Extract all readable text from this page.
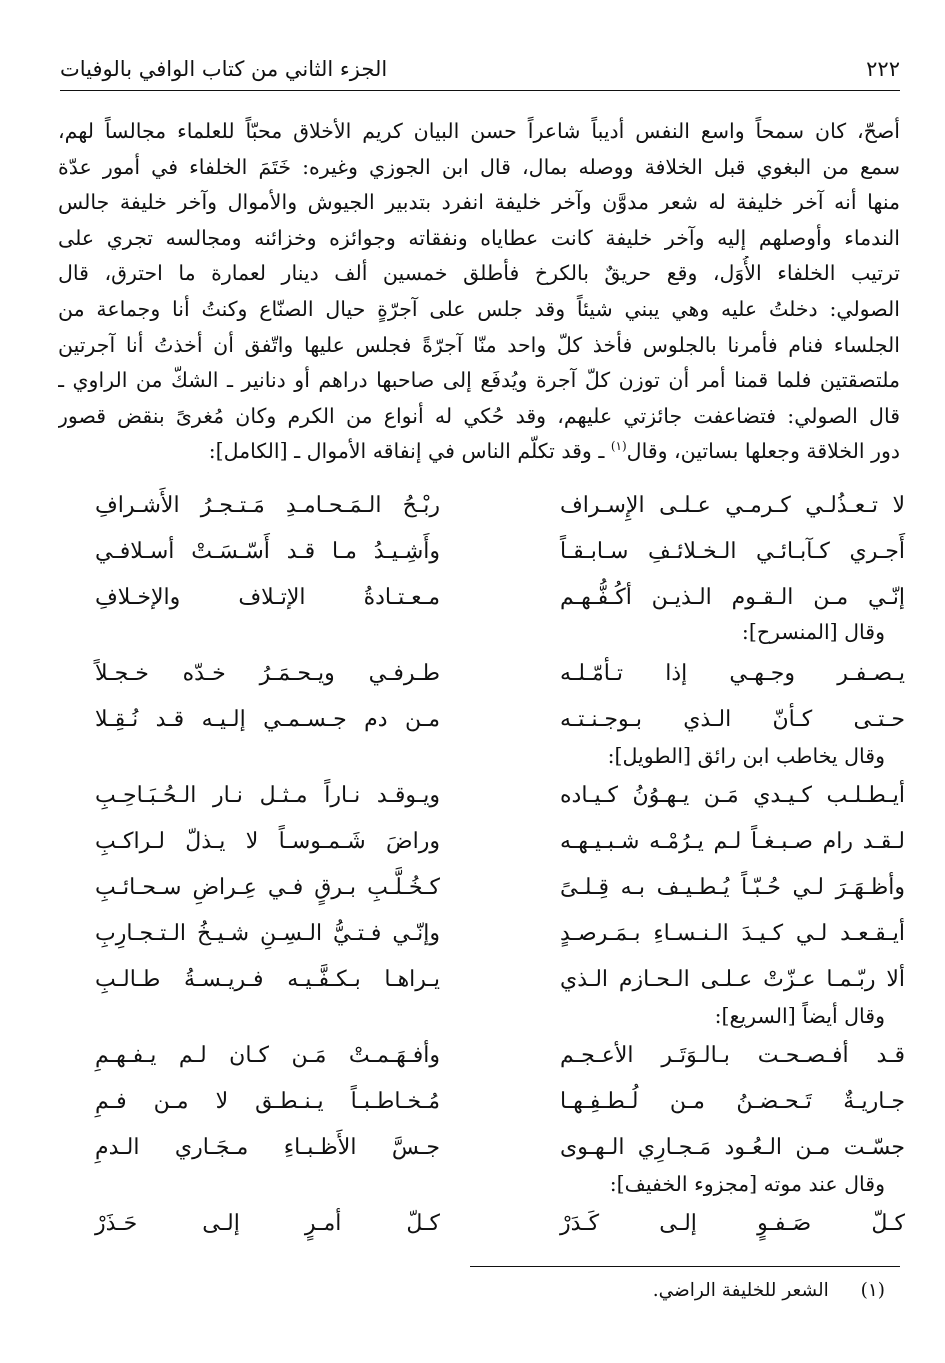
٢٢٢
الجزء الثاني من كتاب الوافي بالوفيات
أصحّ، كان سمحاً واسع النفس أديباً شاعراً حسن البيان كريم الأخلاق محبّاً للعلماء مجالساً لهم،
سمع من البغوي قبل الخلافة ووصله بمال، قال ابن الجوزي وغيره: خَتَمَ الخلفاء في أمور عدّة
منها أنه آخر خليفة له شعر مدوَّن وآخر خليفة انفرد بتدبير الجيوش والأموال وآخر خليفة جالس
الندماء وأوصلهم إليه وآخر خليفة كانت عطاياه ونفقاته وجوائزه وخزائنه ومجالسه تجري على
ترتيب الخلفاء الأُوَل، وقع حريقٌ بالكرخ فأطلق خمسين ألف دينار لعمارة ما احترق، قال
الصولي: دخلتُ عليه وهي يبني شيئاً وقد جلس على آجرّةٍ حيال الصنّاع وكنتُ أنا وجماعة من
الجلساء فنام فأمرنا بالجلوس فأخذ كلّ واحد منّا آجرّةً فجلس عليها واتّفق أن أخذتُ أنا آجرتين
ملتصقتين فلما قمنا أمر أن توزن كلّ آجرة ويُدفَع إلى صاحبها دراهم أو دنانير ـ الشكّ من الراوي ـ
قال الصولي: فتضاعفت جائزتي عليهم، وقد حُكي له أنواع من الكرم وكان مُغرىً بنقض قصور
دور الخلاقة وجعلها بساتين، وقال$^{(١)}$ ـ وقد تكلّم الناس في إنفاقه الأموال ـ [الكامل]:
لا تـعـذُلـي كـرمـي عـلـى الإِسـراف
ربْـحُ الـمَـحـامـدِ مَـتـجـرُ الأَشـرافِ
أَجـري كـآبـائـي الـخـلائـفِ سـابـقـاً
وأَشِـيـدُ مـا قـد أَسّـسَـتْ أسـلافـي
إنّـي مـن الـقـوم الـذيـن أكُـفُّـهـم
مـعـتـادةُ الإتـلاف والإخـلافِ
وقال [المنسرح]:
يـصـفـر وجـهـي إذا تـأمّـلـه
طـرفـي ويـحـمَـرُ خـدّه خـجـلاً
حـتـى كـأنّ الـذي بـوجـنـتـه
مـن دم جـسـمـي إلـيـه قـد نُـقِـلا
وقال يخاطب ابن رائق [الطويل]:
أيـطـلـب كـيـدي مَـن يـهـوُنُ كـيـاده
ويـوقـد نـاراً مـثـل نـار الـحُـبَـاحِـبِ
لـقـد رام صـبـغـاً لـم يـرُمْـه شـبـيـهـه
وراضَ شَـمـوسـاً لا يـذلّ لـراكـبِ
وأظـهَـرَ لـي حُـبّـاً يُـطـيـف بـه قِـلـىً
كـخُـلَّـبِ بـرقٍ فـي عِـراضِ سـحـائـبِ
أيـقـعـد لـي كـيـدَ الـنـسـاءِ بـمَـرصـدٍ
وإنّـي فـتـيُّ الـسِـنِ شـيـخُ الـتـجـارِبِ
ألا ربّـمـا عـزّتْ عـلـى الـحـازم الـذي
يـراهـا بـكـفَّـيـه فـريـسـةُ طـالـبِ
وقال أيضاً [السريع]:
قـد أفـصـحـت بـالـوَتَـر الأعـجـم
وأفـهَـمـتْ مَـن كـان لـم يـفـهـمِ
جـاريـةٌ تَـحـضـنُ مـن لُـطـفِـهـا
مُـخـاطـبـاً يـنـطـق لا مـن فـمِ
جسّـت مـن الـعُـود مَـجـارِي الـهـوى
جـسَّ الأَظـبـاءِ مـجَـاري الـدمِ
وقال عند موته [مجزوء الخفيف]:
كـلّ صَـفـوٍ إلـى كَـدَرْ
كـلّ أمـرٍ إلـى حَـذَرْ
(١) الشعر للخليفة الراضي.
